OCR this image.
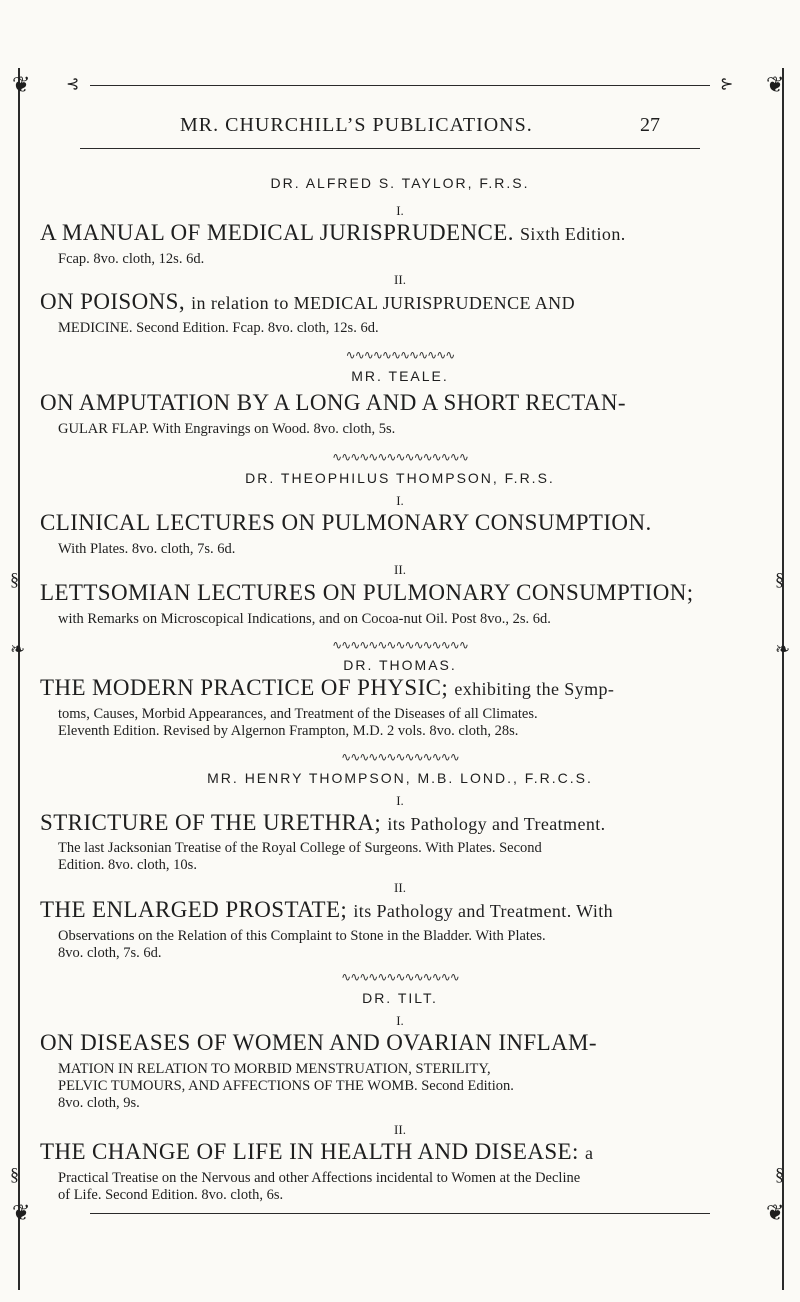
❦	❦
⊰	⊱
MR. CHURCHILL’S PUBLICATIONS.	27
§	§
❧	❧
§	§
DR. ALFRED S. TAYLOR, F.R.S.
I.
A MANUAL OF MEDICAL JURISPRUDENCE. Sixth Edition.
Fcap. 8vo. cloth, 12s. 6d.
II.
ON POISONS, in relation to MEDICAL JURISPRUDENCE AND
MEDICINE. Second Edition. Fcap. 8vo. cloth, 12s. 6d.
∿∿∿∿∿∿∿∿∿∿∿∿
MR. TEALE.
ON AMPUTATION BY A LONG AND A SHORT RECTAN-
GULAR FLAP. With Engravings on Wood. 8vo. cloth, 5s.
∿∿∿∿∿∿∿∿∿∿∿∿∿∿∿
DR. THEOPHILUS THOMPSON, F.R.S.
I.
CLINICAL LECTURES ON PULMONARY CONSUMPTION.
With Plates. 8vo. cloth, 7s. 6d.
II.
LETTSOMIAN LECTURES ON PULMONARY CONSUMPTION;
with Remarks on Microscopical Indications, and on Cocoa-nut Oil. Post 8vo., 2s. 6d.
∿∿∿∿∿∿∿∿∿∿∿∿∿∿∿
DR. THOMAS.
THE MODERN PRACTICE OF PHYSIC; exhibiting the Symp-
toms, Causes, Morbid Appearances, and Treatment of the Diseases of all Climates.
Eleventh Edition. Revised by Algernon Frampton, M.D. 2 vols. 8vo. cloth, 28s.
∿∿∿∿∿∿∿∿∿∿∿∿∿
MR. HENRY THOMPSON, M.B. LOND., F.R.C.S.
I.
STRICTURE OF THE URETHRA; its Pathology and Treatment.
The last Jacksonian Treatise of the Royal College of Surgeons. With Plates. Second
Edition. 8vo. cloth, 10s.
II.
THE ENLARGED PROSTATE; its Pathology and Treatment. With
Observations on the Relation of this Complaint to Stone in the Bladder. With Plates.
8vo. cloth, 7s. 6d.
∿∿∿∿∿∿∿∿∿∿∿∿∿
DR. TILT.
I.
ON DISEASES OF WOMEN AND OVARIAN INFLAM-
MATION IN RELATION TO MORBID MENSTRUATION, STERILITY,
PELVIC TUMOURS, AND AFFECTIONS OF THE WOMB. Second Edition.
8vo. cloth, 9s.
II.
THE CHANGE OF LIFE IN HEALTH AND DISEASE: a
Practical Treatise on the Nervous and other Affections incidental to Women at the Decline
of Life. Second Edition. 8vo. cloth, 6s.
❦	❦
